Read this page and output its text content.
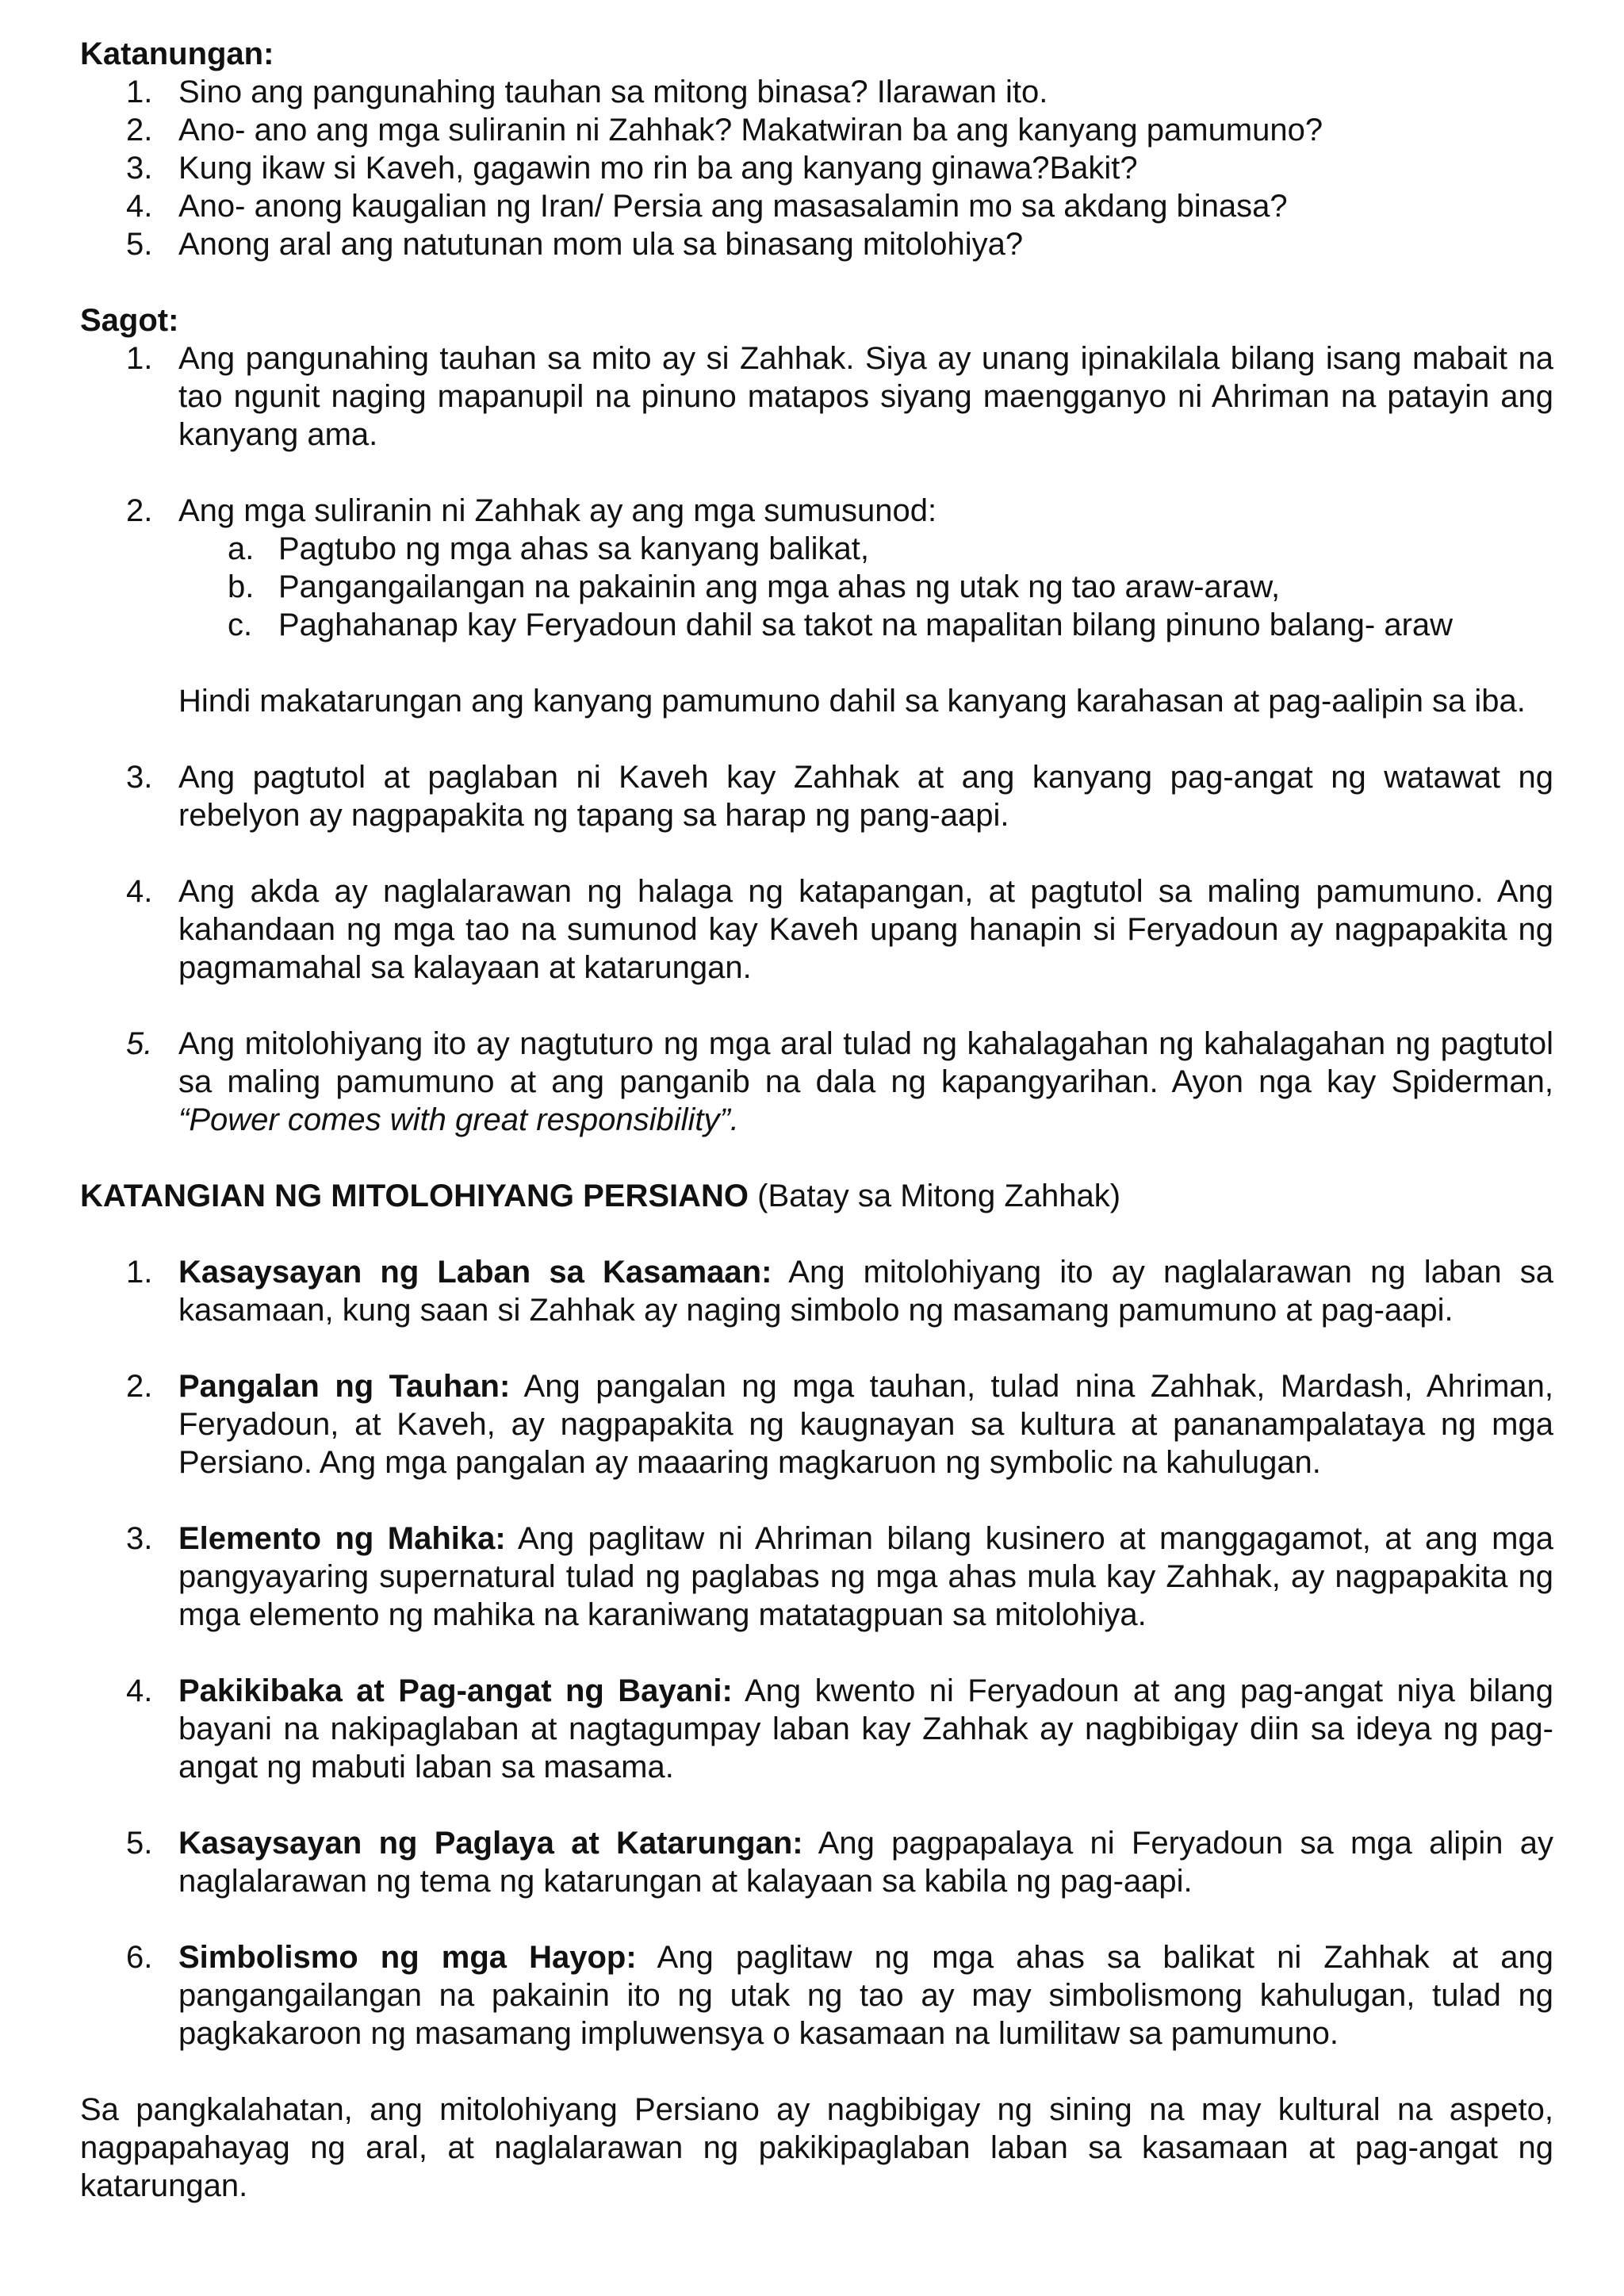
Katanungan:

1. Sino ang pangunahing tauhan sa mitong binasa? Ilarawan ito.
2. Ano- ano ang mga suliranin ni Zahhak? Makatwiran ba ang kanyang pamumuno?
3. Kung ikaw si Kaveh, gagawin mo rin ba ang kanyang ginawa?Bakit?
4. Ano- anong kaugalian ng Iran/ Persia ang masasalamin mo sa akdang binasa?
5. Anong aral ang natutunan mom ula sa binasang mitolohiya?

Sagot:

1. Ang pangunahing tauhan sa mito ay si Zahhak. Siya ay unang ipinakilala bilang isang mabait na tao ngunit naging mapanupil na pinuno matapos siyang maengganyo ni Ahriman na patayin ang kanyang ama.

2. Ang mga suliranin ni Zahhak ay ang mga sumusunod:

a. Pagtubo ng mga ahas sa kanyang balikat,
b. Pangangailangan na pakainin ang mga ahas ng utak ng tao araw-araw,
c. Paghahanap kay Feryadoun dahil sa takot na mapalitan bilang pinuno balang- araw

Hindi makatarungan ang kanyang pamumuno dahil sa kanyang karahasan at pag-aalipin sa iba.

3. Ang pagtutol at paglaban ni Kaveh kay Zahhak at ang kanyang pag-angat ng watawat ng rebelyon ay nagpapakita ng tapang sa harap ng pang-aapi.

4. Ang akda ay naglalarawan ng halaga ng katapangan, at pagtutol sa maling pamumuno. Ang kahandaan ng mga tao na sumunod kay Kaveh upang hanapin si Feryadoun ay nagpapakita ng pagmamahal sa kalayaan at katarungan.

5. Ang mitolohiyang ito ay nagtuturo ng mga aral tulad ng kahalagahan ng kahalagahan ng pagtutol sa maling pamumuno at ang panganib na dala ng kapangyarihan. Ayon nga kay Spiderman, “Power comes with great responsibility”.

KATANGIAN NG MITOLOHIYANG PERSIANO (Batay sa Mitong Zahhak)

1. Kasaysayan ng Laban sa Kasamaan: Ang mitolohiyang ito ay naglalarawan ng laban sa kasamaan, kung saan si Zahhak ay naging simbolo ng masamang pamumuno at pag-aapi.

2. Pangalan ng Tauhan: Ang pangalan ng mga tauhan, tulad nina Zahhak, Mardash, Ahriman, Feryadoun, at Kaveh, ay nagpapakita ng kaugnayan sa kultura at pananampalataya ng mga Persiano. Ang mga pangalan ay maaaring magkaruon ng symbolic na kahulugan.

3. Elemento ng Mahika: Ang paglitaw ni Ahriman bilang kusinero at manggagamot, at ang mga pangyayaring supernatural tulad ng paglabas ng mga ahas mula kay Zahhak, ay nagpapakita ng mga elemento ng mahika na karaniwang matatagpuan sa mitolohiya.

4. Pakikibaka at Pag-angat ng Bayani: Ang kwento ni Feryadoun at ang pag-angat niya bilang bayani na nakipaglaban at nagtagumpay laban kay Zahhak ay nagbibigay diin sa ideya ng pag-angat ng mabuti laban sa masama.

5. Kasaysayan ng Paglaya at Katarungan: Ang pagpapalaya ni Feryadoun sa mga alipin ay naglalarawan ng tema ng katarungan at kalayaan sa kabila ng pag-aapi.

6. Simbolismo ng mga Hayop: Ang paglitaw ng mga ahas sa balikat ni Zahhak at ang pangangailangan na pakainin ito ng utak ng tao ay may simbolismong kahulugan, tulad ng pagkakaroon ng masamang impluwensya o kasamaan na lumilitaw sa pamumuno.

Sa pangkalahatan, ang mitolohiyang Persiano ay nagbibigay ng sining na may kultural na aspeto, nagpapahayag ng aral, at naglalarawan ng pakikipaglaban laban sa kasamaan at pag-angat ng katarungan.
